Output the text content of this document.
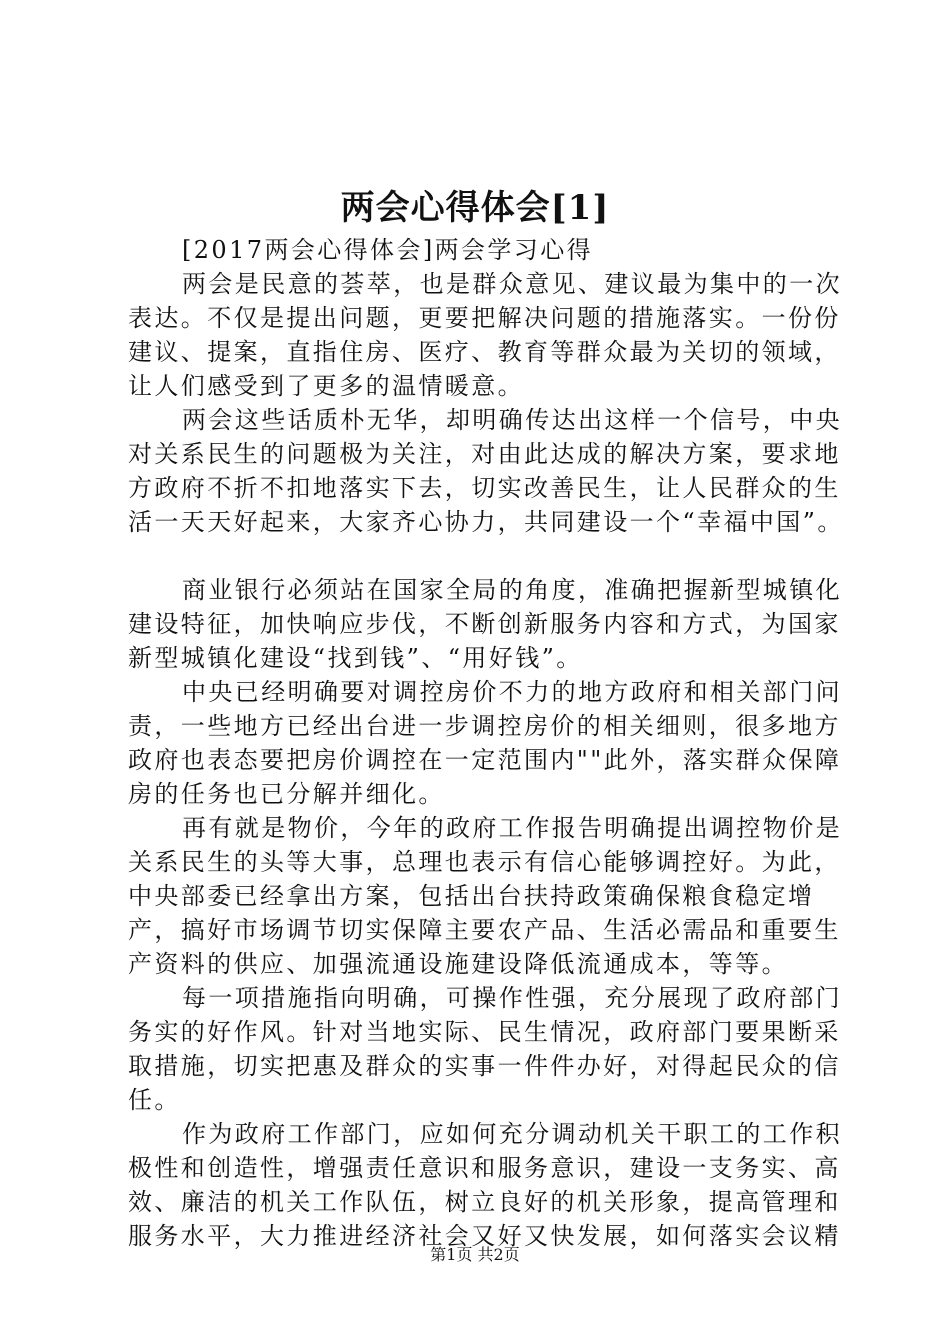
两会心得体会[1]

[2017两会心得体会]两会学习心得

两会是民意的荟萃，也是群众意见、建议最为集中的一次表达。不仅是提出问题，更要把解决问题的措施落实。一份份建议、提案，直指住房、医疗、教育等群众最为关切的领域，让人们感受到了更多的温情暖意。

两会这些话质朴无华，却明确传达出这样一个信号，中央对关系民生的问题极为关注，对由此达成的解决方案，要求地方政府不折不扣地落实下去，切实改善民生，让人民群众的生活一天天好起来，大家齐心协力，共同建设一个“幸福中国”。

商业银行必须站在国家全局的角度，准确把握新型城镇化建设特征，加快响应步伐，不断创新服务内容和方式，为国家新型城镇化建设“找到钱”、“用好钱”。

中央已经明确要对调控房价不力的地方政府和相关部门问责，一些地方已经出台进一步调控房价的相关细则，很多地方政府也表态要把房价调控在一定范围内""此外，落实群众保障房的任务也已分解并细化。

再有就是物价，今年的政府工作报告明确提出调控物价是关系民生的头等大事，总理也表示有信心能够调控好。为此，中央部委已经拿出方案，包括出台扶持政策确保粮食稳定增产，搞好市场调节切实保障主要农产品、生活必需品和重要生产资料的供应、加强流通设施建设降低流通成本，等等。

每一项措施指向明确，可操作性强，充分展现了政府部门务实的好作风。针对当地实际、民生情况，政府部门要果断采取措施，切实把惠及群众的实事一件件办好，对得起民众的信任。

作为政府工作部门，应如何充分调动机关干职工的工作积极性和创造性，增强责任意识和服务意识，建设一支务实、高效、廉洁的机关工作队伍，树立良好的机关形象，提高管理和服务水平，大力推进经济社会又好又快发展，如何落实会议精

第1页 共2页
